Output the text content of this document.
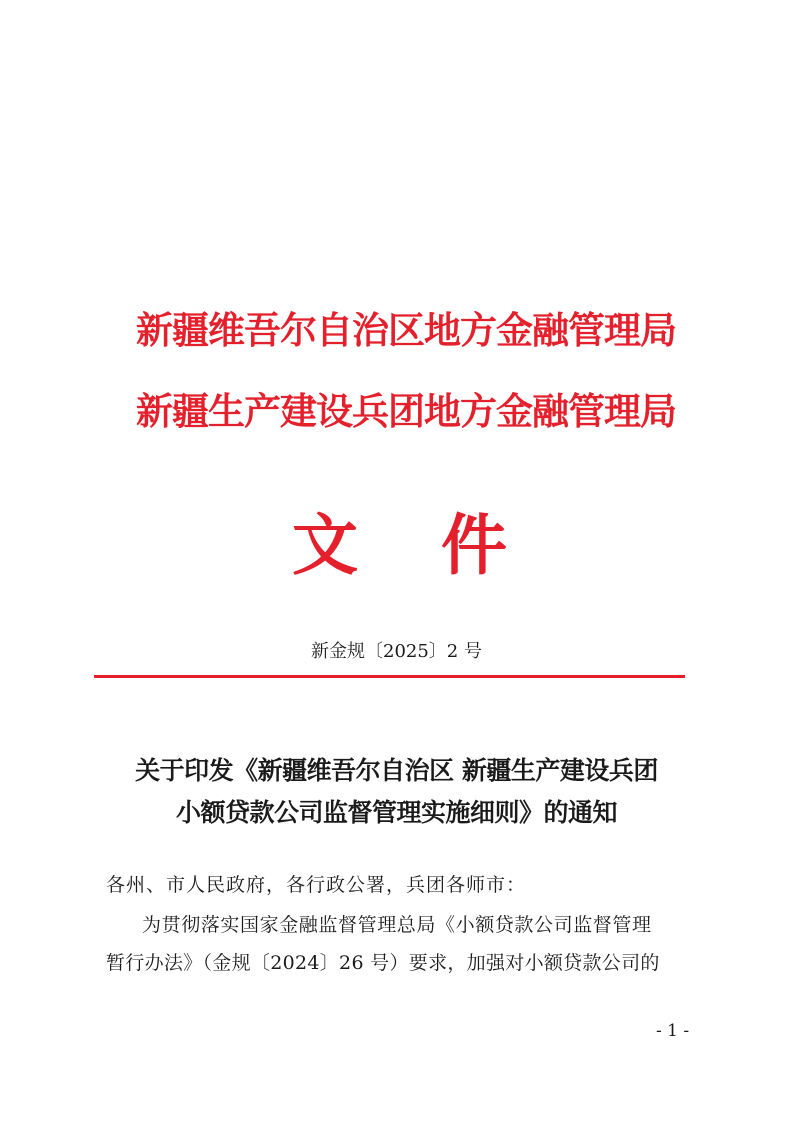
新疆维吾尔自治区地方金融管理局
新疆生产建设兵团地方金融管理局
文 件
新金规〔2025〕2 号
关于印发《新疆维吾尔自治区 新疆生产建设兵团
小额贷款公司监督管理实施细则》的通知
各州、市人民政府，各行政公署，兵团各师市：
为贯彻落实国家金融监督管理总局《小额贷款公司监督管理
暂行办法》（金规〔2024〕26 号）要求，加强对小额贷款公司的
- 1 -
